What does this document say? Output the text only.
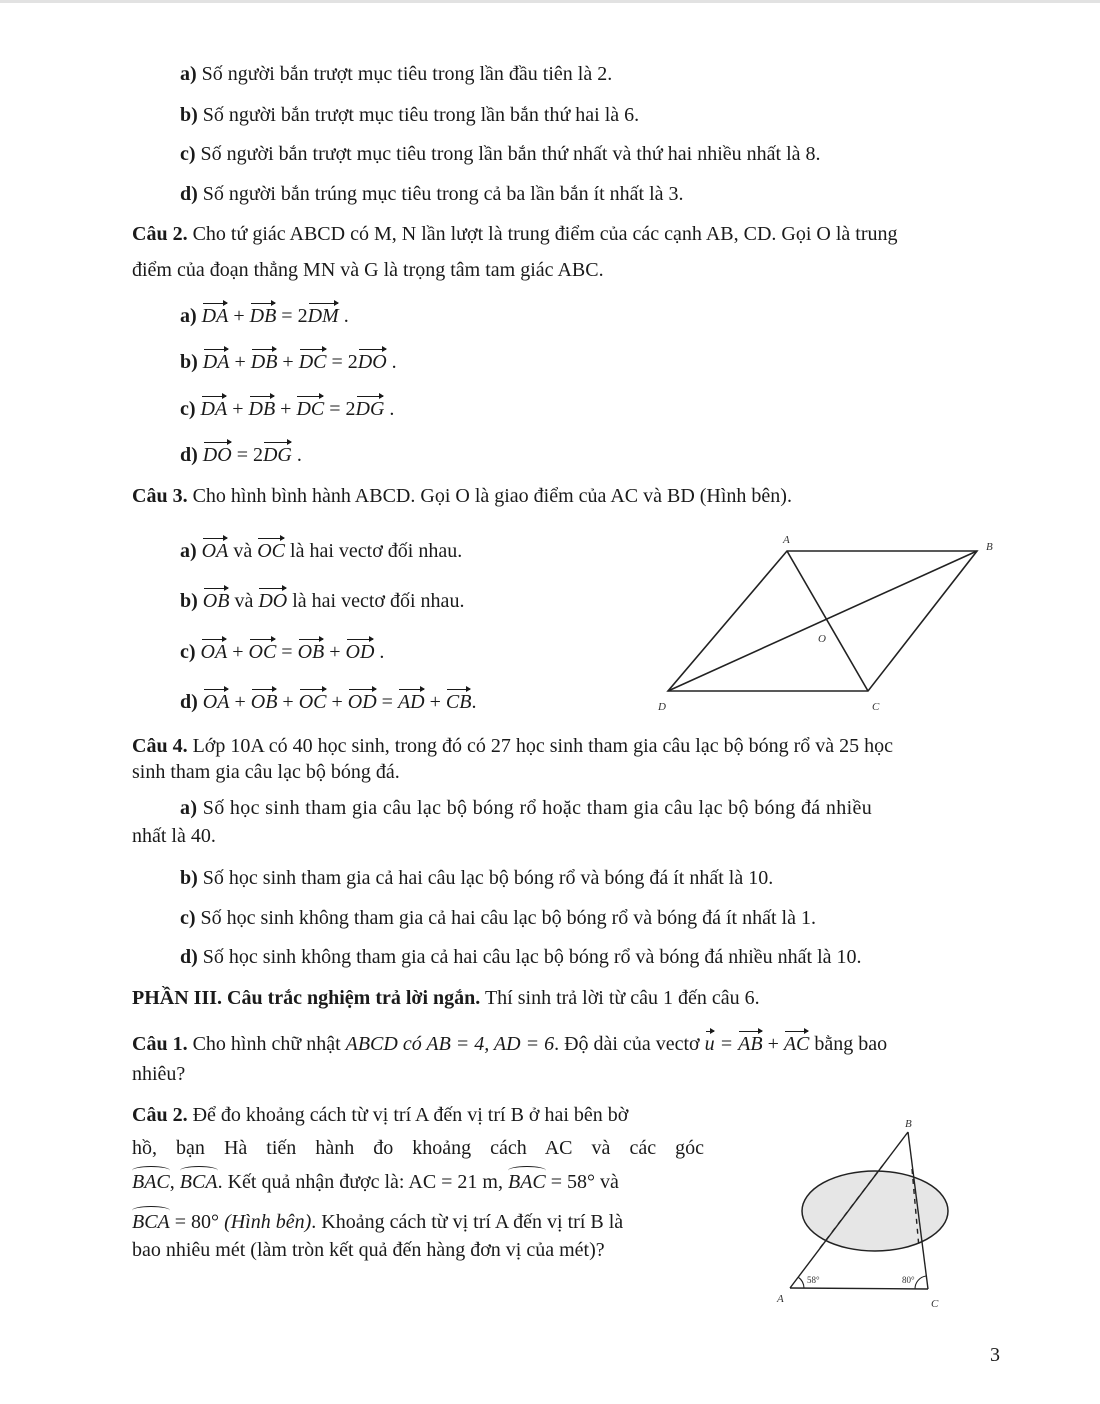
a) Số người bắn trượt mục tiêu trong lần đầu tiên là 2.
b) Số người bắn trượt mục tiêu trong lần bắn thứ hai là 6.
c) Số người bắn trượt mục tiêu trong lần bắn thứ nhất và thứ hai nhiều nhất là 8.
d) Số người bắn trúng mục tiêu trong cả ba lần bắn ít nhất là 3.
Câu 2. Cho tứ giác ABCD có M, N lần lượt là trung điểm của các cạnh AB, CD. Gọi O là trung
điểm của đoạn thẳng MN và G là trọng tâm tam giác ABC.
a) DA + DB = 2DM .
b) DA + DB + DC = 2DO .
c) DA + DB + DC = 2DG .
d) DO = 2DG .
Câu 3. Cho hình bình hành ABCD. Gọi O là giao điểm của AC và BD (Hình bên).
a) OA và OC là hai vectơ đối nhau.
b) OB và DO là hai vectơ đối nhau.
c) OA + OC = OB + OD .
d) OA + OB + OC + OD = AD + CB.
A
B
C
D
O
Câu 4. Lớp 10A có 40 học sinh, trong đó có 27 học sinh tham gia câu lạc bộ bóng rổ và 25 học
sinh tham gia câu lạc bộ bóng đá.
a) Số học sinh tham gia câu lạc bộ bóng rổ hoặc tham gia câu lạc bộ bóng đá nhiều
nhất là 40.
b) Số học sinh tham gia cả hai câu lạc bộ bóng rổ và bóng đá ít nhất là 10.
c) Số học sinh không tham gia cả hai câu lạc bộ bóng rổ và bóng đá ít nhất là 1.
d) Số học sinh không tham gia cả hai câu lạc bộ bóng rổ và bóng đá nhiều nhất là 10.
PHẦN III. Câu trắc nghiệm trả lời ngắn. Thí sinh trả lời từ câu 1 đến câu 6.
Câu 1. Cho hình chữ nhật ABCD có AB = 4, AD = 6. Độ dài của vectơ u = AB + AC bằng bao
nhiêu?
Câu 2. Để đo khoảng cách từ vị trí A đến vị trí B ở hai bên bờ
hồ, bạn Hà tiến hành đo khoảng cách AC và các góc
BAC, BCA. Kết quả nhận được là: AC = 21 m, BAC = 58° và
BCA = 80° (Hình bên). Khoảng cách từ vị trí A đến vị trí B là
bao nhiêu mét (làm tròn kết quả đến hàng đơn vị của mét)?
58°	80°
B
A	C
3
